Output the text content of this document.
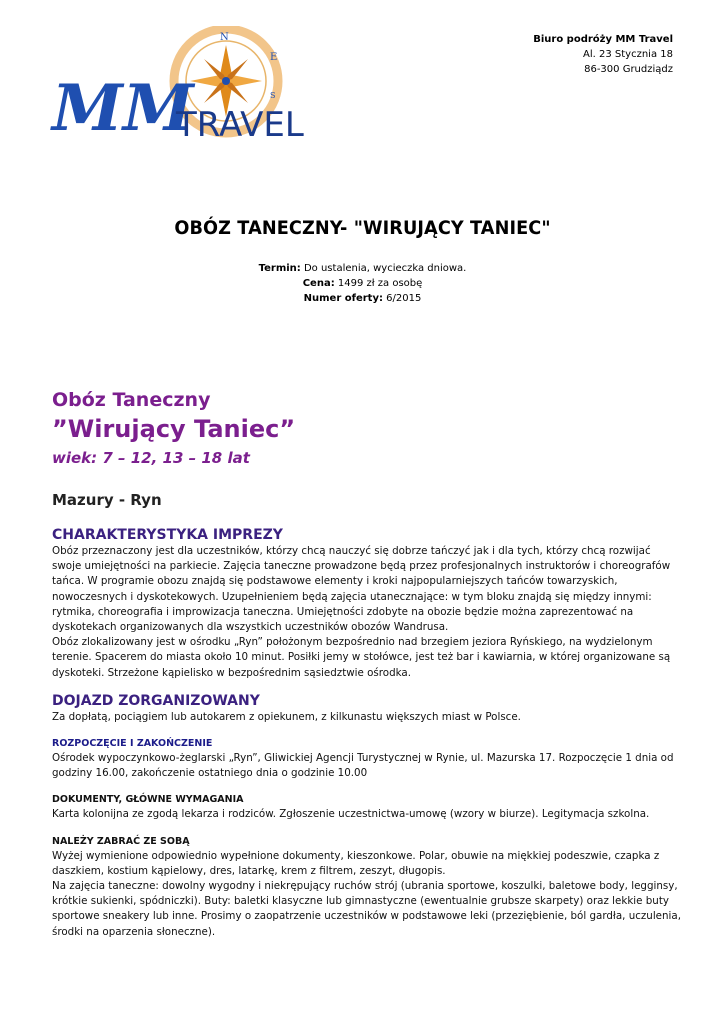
N
E
S
MM
TRAVEL
Biuro podróży MM Travel
Al. 23 Stycznia 18
86-300 Grudziądz
OBÓZ TANECZNY- "WIRUJĄCY TANIEC"
Termin: Do ustalenia, wycieczka dniowa.
Cena: 1499 zł za osobę
Numer oferty: 6/2015
Obóz Taneczny
”Wirujący Taniec”
wiek: 7 – 12, 13 – 18 lat
Mazury - Ryn
CHARAKTERYSTYKA IMPREZY

Obóz przeznaczony jest dla uczestników, którzy chcą nauczyć się dobrze tańczyć jak i dla tych, którzy chcą rozwijać swoje umiejętności na parkiecie. Zajęcia taneczne prowadzone będą przez profesjonalnych instruktorów i choreografów tańca. W programie obozu znajdą się podstawowe elementy i kroki najpopularniejszych tańców towarzyskich, nowoczesnych i dyskotekowych. Uzupełnieniem będą zajęcia utanecznające: w tym bloku znajdą się między innymi: rytmika, choreografia i improwizacja taneczna. Umiejętności zdobyte na obozie będzie można zaprezentować na dyskotekach organizowanych dla wszystkich uczestników obozów Wandrusa.

Obóz zlokalizowany jest w ośrodku „Ryn” położonym bezpośrednio nad brzegiem jeziora Ryńskiego, na wydzielonym terenie. Spacerem do miasta około 10 minut. Posiłki jemy w stołówce, jest też bar i kawiarnia, w której organizowane są dyskoteki. Strzeżone kąpielisko w bezpośrednim sąsiedztwie ośrodka.

DOJAZD ZORGANIZOWANY

Za dopłatą, pociągiem lub autokarem z opiekunem, z kilkunastu większych miast w Polsce.

ROZPOCZĘCIE I ZAKOŃCZENIE

Ośrodek wypoczynkowo-żeglarski „Ryn”, Gliwickiej Agencji Turystycznej w Rynie, ul. Mazurska 17. Rozpoczęcie 1 dnia od godziny 16.00, zakończenie ostatniego dnia o godzinie 10.00

DOKUMENTY, GŁÓWNE WYMAGANIA

Karta kolonijna ze zgodą lekarza i rodziców. Zgłoszenie uczestnictwa-umowę (wzory w biurze). Legitymacja szkolna.

NALEŻY ZABRAĆ ZE SOBĄ

Wyżej wymienione odpowiednio wypełnione dokumenty, kieszonkowe. Polar, obuwie na miękkiej podeszwie, czapka z daszkiem, kostium kąpielowy, dres, latarkę, krem z filtrem, zeszyt, długopis.

Na zajęcia taneczne: dowolny wygodny i niekrępujący ruchów strój (ubrania sportowe, koszulki, baletowe body, legginsy, krótkie sukienki, spódniczki). Buty: baletki klasyczne lub gimnastyczne (ewentualnie grubsze skarpety) oraz lekkie buty sportowe sneakery lub inne. Prosimy o zaopatrzenie uczestników w podstawowe leki (przeziębienie, ból gardła, uczulenia, środki na oparzenia słoneczne).
